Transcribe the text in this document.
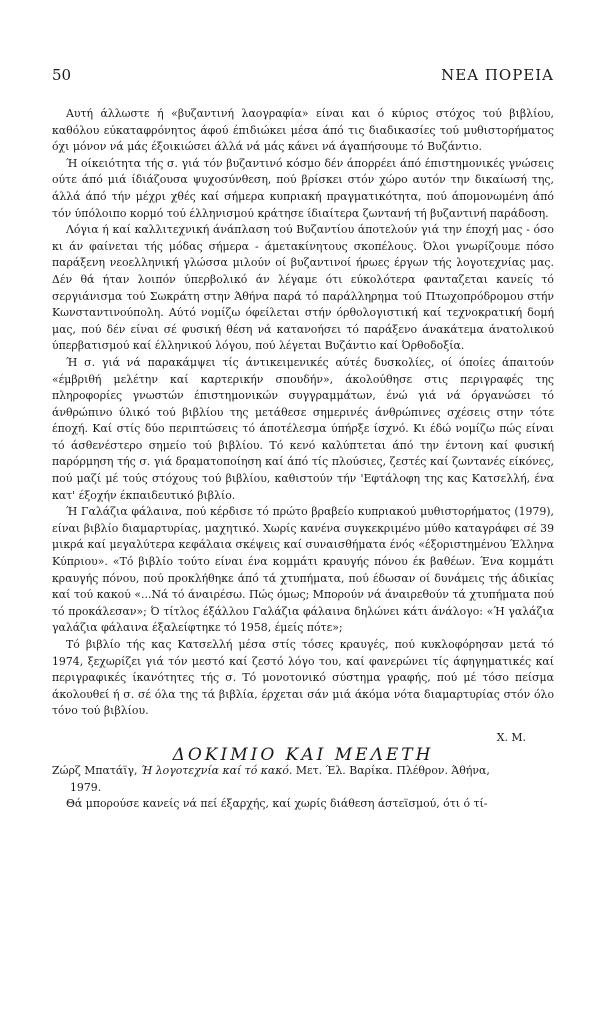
50	ΝΕΑ ΠΟΡΕΙΑ

Αυτή άλλωστε ή «βυζαντινή λαογραφία» είναι και ό κύριος στόχος τού βιβλίου, καθόλου εύκαταφρόνητος άφού έπιδιώκει μέσα άπό τις διαδικασίες τού μυθιστορήματος όχι μόνον νά μάς έξοικιώσει άλλά νά μάς κάνει νά άγαπήσουμε τό Βυζάντιο.

Ή οίκειότητα τής σ. γιά τόν βυζαντινό κόσμο δέν άπορρέει άπό έπιστημονικές γνώσεις ούτε άπό μιά ίδιάζουσα ψυχοσύνθεση, πού βρίσκει στόν χώρο αυτόν την δικαίωσή της, άλλά άπό τήν μέχρι χθές καί σήμερα κυπριακή πραγματικότητα, πού άπομονωμένη άπό τόν ύπόλοιπο κορμό τού έλληνισμού κράτησε ίδιαίτερα ζωντανή τή βυζαντινή παράδοση.

Λόγια ή καί καλλιτεχνική άνάπλαση τού Βυζαντίου άποτελούν γιά την έποχή μας - όσο κι άν φαίνεται τής μόδας σήμερα - άμετακίνητους σκοπέλους. Όλοι γνωρίζουμε πόσο παράξενη νεοελληνική γλώσσα μιλούν οί βυζαντινοί ήρωες έργων τής λογοτεχνίας μας. Δέν θά ήταν λοιπόν ύπερβολικό άν λέγαμε ότι εύκολότερα φανταζεται κανείς τό σεργιάνισμα τού Σωκράτη στην Άθήνα παρά τό παράλληρημα τού Πτωχοπρόδρομου στήν Κωνσταντινούπολη. Αύτό νομίζω όφείλεται στήν όρθολογιστική καί τεχνοκρατική δομή μας, πού δέν είναι σέ φυσική θέση νά κατανοήσει τό παράξενο άνακάτεμα άνατολικού ύπερβατισμού καί έλληνικού λόγου, πού λέγεται Βυζάντιο καί Όρθοδοξία.

Ή σ. γιά νά παρακάμψει τίς άντικειμενικές αύτές δυσκολίες, οί όποίες άπαιτούν «έμβριθή μελέτην καί καρτερικήν σπουδήν», άκολούθησε στις περιγραφές της πληροφορίες γνωστών έπιστημονικών συγγραμμάτων, ένώ γιά νά όργανώσει τό άνθρώπινο ύλικό τού βιβλίου της μετάθεσε σημερινές άνθρώπινες σχέσεις στην τότε έποχή. Καί στίς δύο περιπτώσεις τό άποτέλεσμα ύπήρξε ίσχνό. Κι έδώ νομίζω πώς είναι τό άσθενέστερο σημείο τού βιβλίου. Τό κενό καλύπτεται άπό την έντονη καί φυσική παρόρμηση τής σ. γιά δραματοποίηση καί άπό τίς πλούσιες, ζεστές καί ζωντανές είκόνες, πού μαζί μέ τούς στόχους τού βιβλίου, καθιστούν τήν 'Εφτάλοφη της κας Κατσελλή, ένα κατ' έξοχήν έκπαιδευτικό βιβλίο.

Ή Γαλάζια φάλαινα, πού κέρδισε τό πρώτο βραβείο κυπριακού μυθιστορήματος (1979), είναι βιβλίο διαμαρτυρίας, μαχητικό. Χωρίς κανένα συγκεκριμένο μύθο καταγράφει σέ 39 μικρά καί μεγαλύτερα κεφάλαια σκέψεις καί συναισθήματα ένός «έξοριστημένου Έλληνα Κύπριου». «Τό βιβλίο τούτο είναι ένα κομμάτι κραυγής πόνου έκ βαθέων. Ένα κομμάτι κραυγής πόνου, πού προκλήθηκε άπό τά χτυπήματα, πού έδωσαν οί δυνάμεις τής άδικίας καί τού κακού «...Νά τό άναιρέσω. Πώς όμως; Μπορούν νά άναιρεθούν τά χτυπήματα πού τό προκάλεσαν»; Ό τίτλος έξάλλου Γαλάζια φάλαινα δηλώνει κάτι άνάλογο: «Ή γαλάζια γαλάζια φάλαινα έξαλείφτηκε τό 1958, έμείς πότε»;

Τό βιβλίο τής κας Κατσελλή μέσα στίς τόσες κραυγές, πού κυκλοφόρησαν μετά τό 1974, ξεχωρίζει γιά τόν μεστό καί ζεστό λόγο του, καί φανερώνει τίς άφηγηματικές καί περιγραφικές ίκανότητες τής σ. Τό μονοτονικό σύστημα γραφής, πού μέ τόσο πείσμα άκολουθεί ή σ. σέ όλα της τά βιβλία, έρχεται σάν μιά άκόμα νότα διαμαρτυρίας στόν όλο τόνο τού βιβλίου.

Χ. Μ.

ΔΟΚΙΜΙΟ ΚΑΙ ΜΕΛΕΤΗ

Ζώρζ Μπατάϊγ, Ή λογοτεχνία καί τό κακό. Μετ. Έλ. Βαρίκα. Πλέθρον. Άθήνα,
1979.

Θά μπορούσε κανείς νά πεί έξαρχής, καί χωρίς διάθεση άστεϊσμού, ότι ό τί-
